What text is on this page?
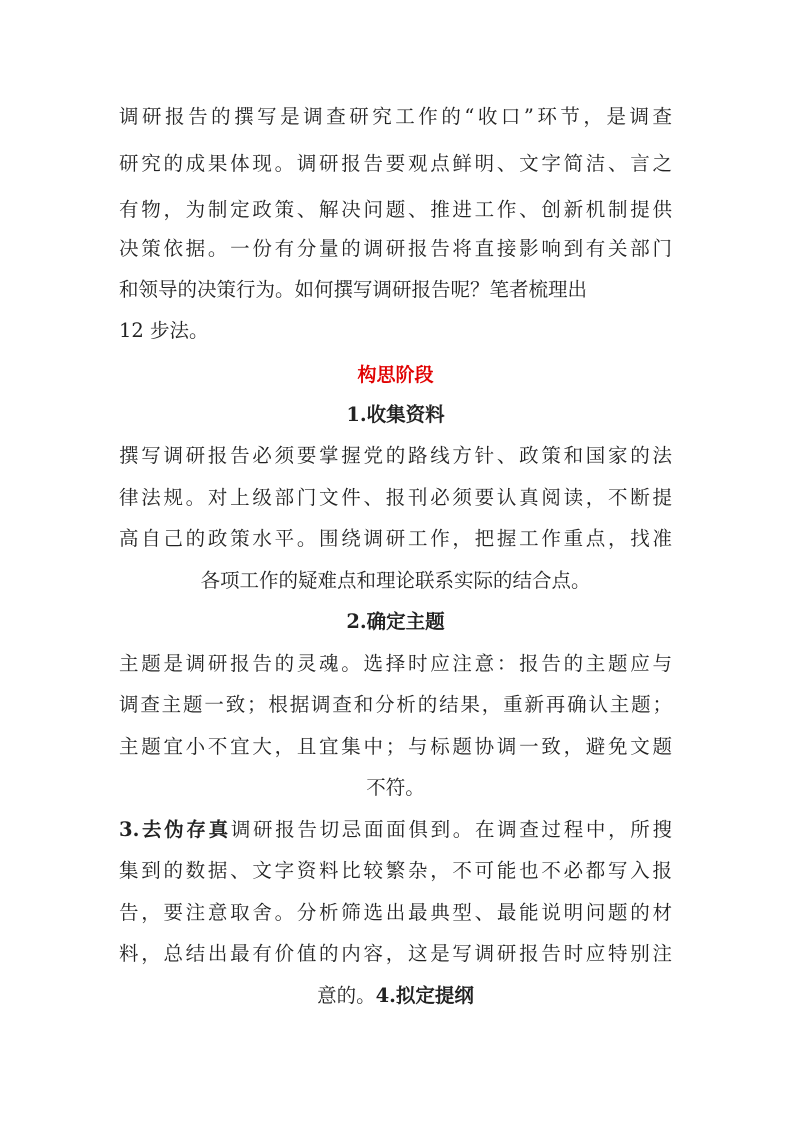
调研报告的撰写是调查研究工作的“收口”环节，是调查
研究的成果体现。调研报告要观点鲜明、文字简洁、言之
有物，为制定政策、解决问题、推进工作、创新机制提供
决策依据。一份有分量的调研报告将直接影响到有关部门
和领导的决策行为。如何撰写调研报告呢？笔者梳理出
12 步法。
构思阶段
1.收集资料
撰写调研报告必须要掌握党的路线方针、政策和国家的法
律法规。对上级部门文件、报刊必须要认真阅读，不断提
高自己的政策水平。围绕调研工作，把握工作重点，找准
各项工作的疑难点和理论联系实际的结合点。
2.确定主题
主题是调研报告的灵魂。选择时应注意：报告的主题应与
调查主题一致；根据调查和分析的结果，重新再确认主题；
主题宜小不宜大，且宜集中；与标题协调一致，避免文题
不符。
3.去伪存真调研报告切忌面面俱到。在调查过程中，所搜
集到的数据、文字资料比较繁杂，不可能也不必都写入报
告，要注意取舍。分析筛选出最典型、最能说明问题的材
料，总结出最有价值的内容，这是写调研报告时应特别注
意的。4.拟定提纲
